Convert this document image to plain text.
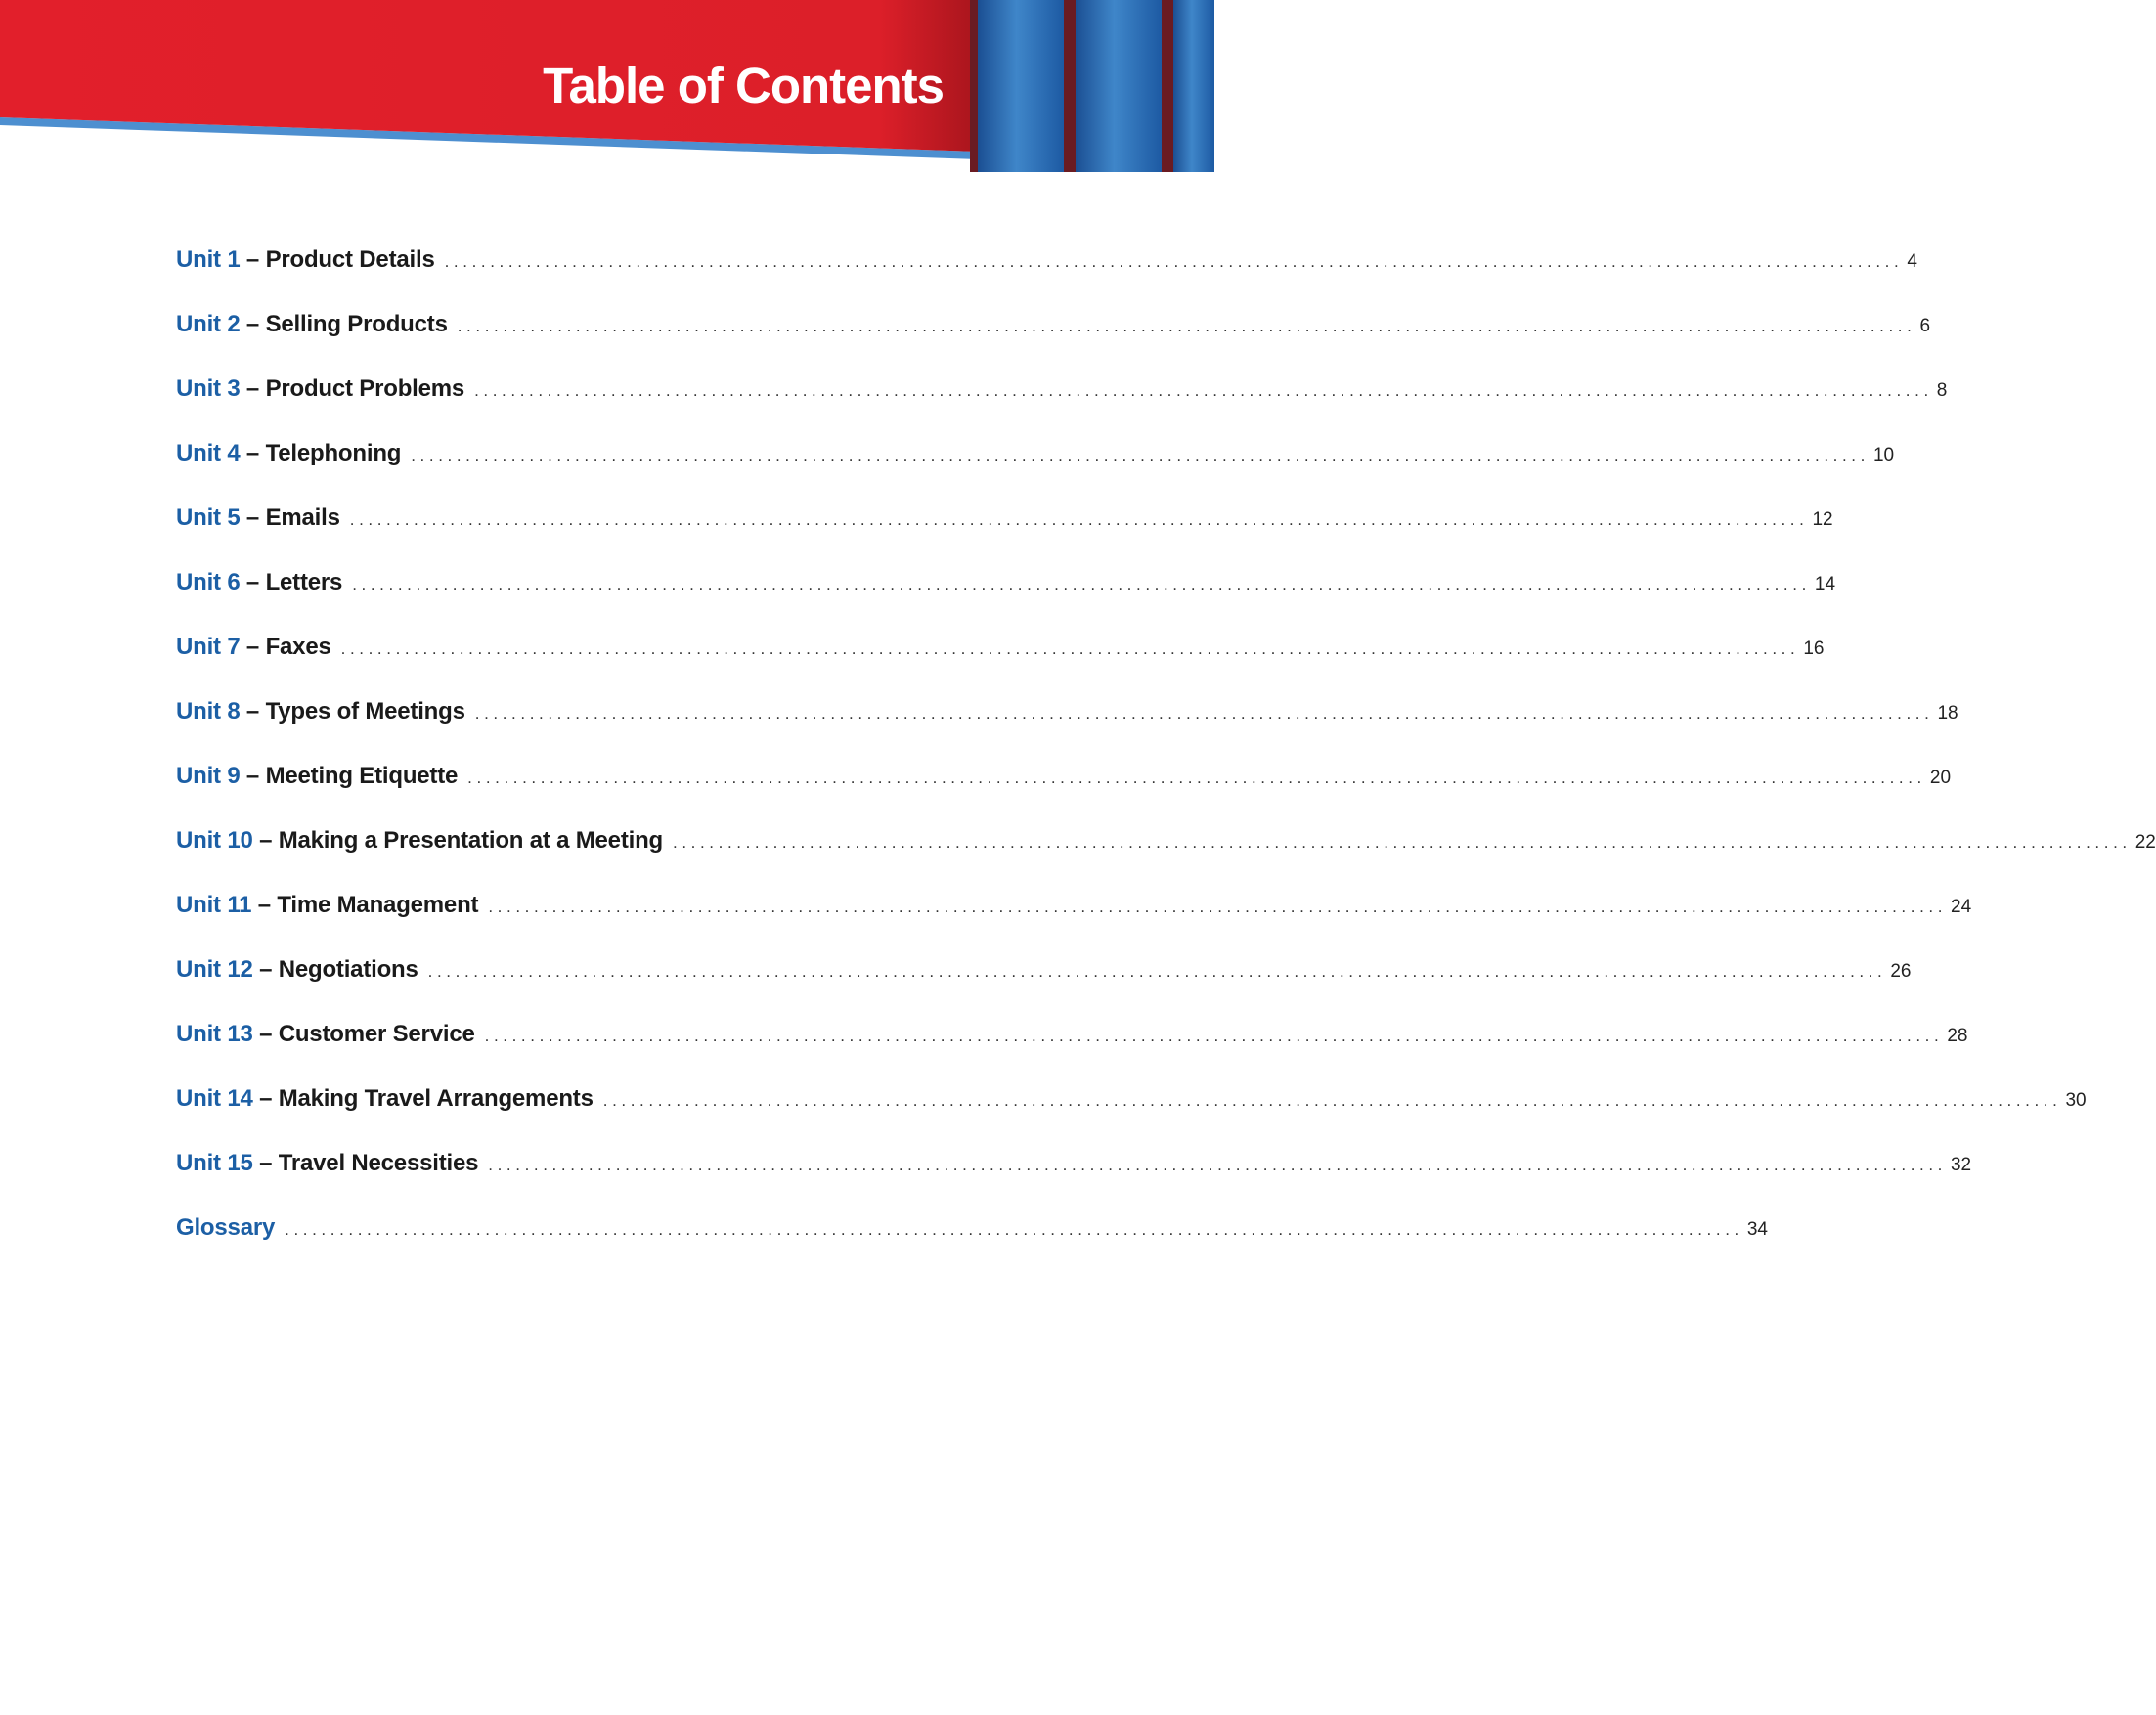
Table of Contents
Unit 1 – Product Details ................................................................................................................................................................ 4
Unit 2 – Selling Products ................................................................................................................................................................ 6
Unit 3 – Product Problems ................................................................................................................................................................ 8
Unit 4 – Telephoning ................................................................................................................................................................ 10
Unit 5 – Emails ................................................................................................................................................................ 12
Unit 6 – Letters ................................................................................................................................................................ 14
Unit 7 – Faxes ................................................................................................................................................................ 16
Unit 8 – Types of Meetings ................................................................................................................................................................ 18
Unit 9 – Meeting Etiquette ................................................................................................................................................................ 20
Unit 10 – Making a Presentation at a Meeting ................................................................................................................................................................ 22
Unit 11 – Time Management ................................................................................................................................................................ 24
Unit 12 – Negotiations ................................................................................................................................................................ 26
Unit 13 – Customer Service ................................................................................................................................................................ 28
Unit 14 – Making Travel Arrangements ................................................................................................................................................................ 30
Unit 15 – Travel Necessities ................................................................................................................................................................ 32
Glossary ................................................................................................................................................................ 34
